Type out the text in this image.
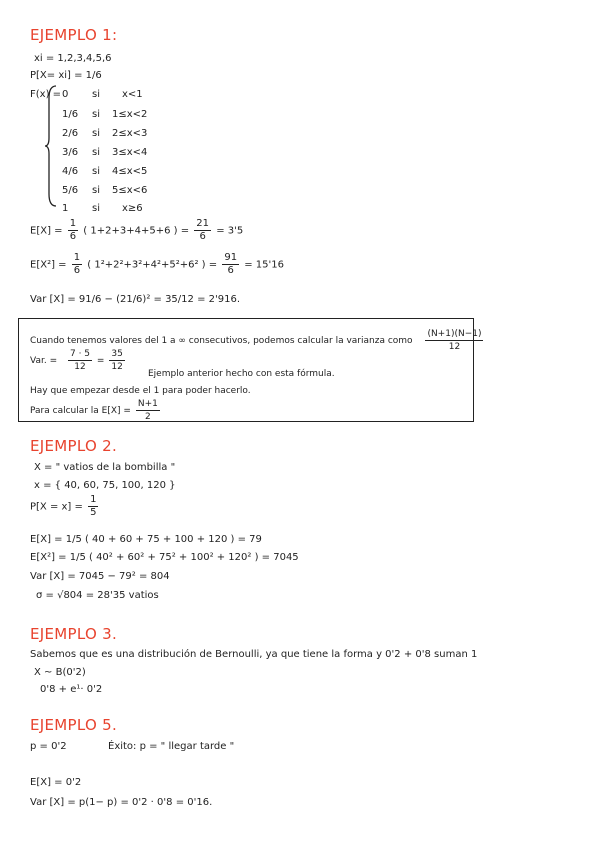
EJEMPLO 1:
xi = 1,2,3,4,5,6
P[X= xi] = 1/6
F(x) = 0 si x<1
1/6 si 1≤x<2
2/6 si 2≤x<3
3/6 si 3≤x<4
4/6 si 4≤x<5
5/6 si 5≤x<6
1 si x≥6
$E[X] = \frac{1}{6}$ ( 1+2+3+4+5+6 ) = $\frac{21}{6} = 3'5$
$E[X^2] = \frac{1}{6}$ ( 1²+2²+3²+4²+5²+6² ) = $\frac{91}{6} = 15'16$
Var [X] = 91/6 − (21/6)² = 35/12 = 2'916.
Cuando tenemos valores del 1 a ∞ consecutivos, podemos calcular la varianza como $\frac{(N+1)(N-1)}{12}$
Var. = $\frac{7 \cdot 5}{12} = \frac{35}{12}$
Ejemplo anterior hecho con esta fórmula.
Hay que empezar desde el 1 para poder hacerlo.
Para calcular la $E[X] = \frac{N+1}{2}$
EJEMPLO 2.
X = " vatios de la bombilla "
x = { 40, 60, 75, 100, 120 }
$P[X = x] = \frac{1}{5}$
E[X] = 1/5 ( 40 + 60 + 75 + 100 + 120 ) = 79
E[X²] = 1/5 ( 40² + 60² + 75² + 100² + 120² ) = 7045
Var [X] = 7045 − 79² = 804
σ = √804 = 28'35 vatios
EJEMPLO 3.
Sabemos que es una distribución de Bernoulli, ya que tiene la forma y 0'2 + 0'8 suman 1
X ~ B(0'2)
0'8 + e¹· 0'2
EJEMPLO 5.
p = 0'2	Éxito: p = " llegar tarde "
E[X] = 0'2
Var [X] = p(1− p) = 0'2 · 0'8 = 0'16.
